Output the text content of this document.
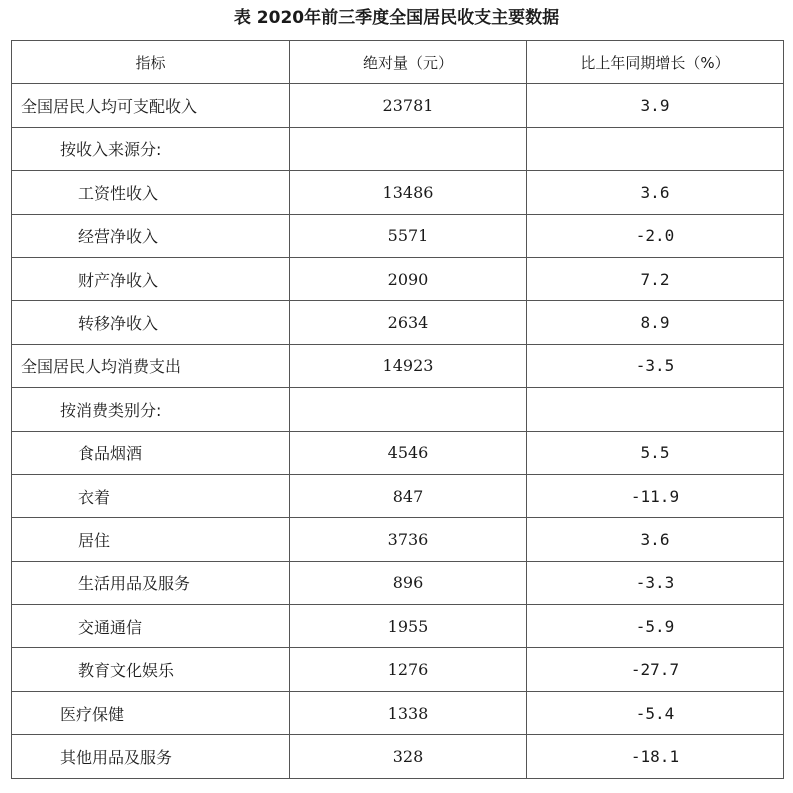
表 2020年前三季度全国居民收支主要数据
指标	绝对量（元）	比上年同期增长（%）
全国居民人均可支配收入	23781	3.9
按收入来源分:		
工资性收入	13486	3.6
经营净收入	5571	-2.0
财产净收入	2090	7.2
转移净收入	2634	8.9
全国居民人均消费支出	14923	-3.5
按消费类别分:		
食品烟酒	4546	5.5
衣着	847	-11.9
居住	3736	3.6
生活用品及服务	896	-3.3
交通通信	1955	-5.9
教育文化娱乐	1276	-27.7
医疗保健	1338	-5.4
其他用品及服务	328	-18.1
